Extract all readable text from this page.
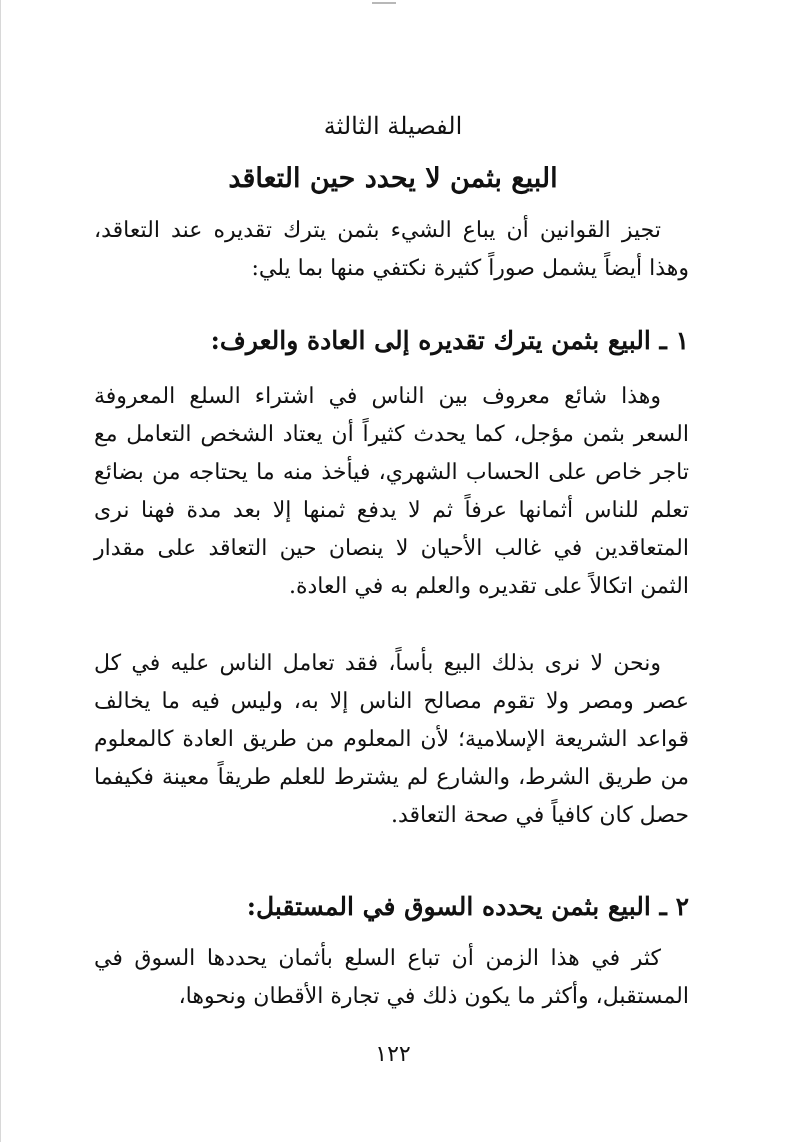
الفصيلة الثالثة
البيع بثمن لا يحدد حين التعاقد

تجيز القوانين أن يباع الشيء بثمن يترك تقديره عند التعاقد، وهذا أيضاً يشمل صوراً كثيرة نكتفي منها بما يلي:

١ ـ البيع بثمن يترك تقديره إلى العادة والعرف:

وهذا شائع معروف بين الناس في اشتراء السلع المعروفة السعر بثمن مؤجل، كما يحدث كثيراً أن يعتاد الشخص التعامل مع تاجر خاص على الحساب الشهري، فيأخذ منه ما يحتاجه من بضائع تعلم للناس أثمانها عرفاً ثم لا يدفع ثمنها إلا بعد مدة فهنا نرى المتعاقدين في غالب الأحيان لا ينصان حين التعاقد على مقدار الثمن اتكالاً على تقديره والعلم به في العادة.

ونحن لا نرى بذلك البيع بأساً، فقد تعامل الناس عليه في كل عصر ومصر ولا تقوم مصالح الناس إلا به، وليس فيه ما يخالف قواعد الشريعة الإسلامية؛ لأن المعلوم من طريق العادة كالمعلوم من طريق الشرط، والشارع لم يشترط للعلم طريقاً معينة فكيفما حصل كان كافياً في صحة التعاقد.

٢ ـ البيع بثمن يحدده السوق في المستقبل:

كثر في هذا الزمن أن تباع السلع بأثمان يحددها السوق في المستقبل، وأكثر ما يكون ذلك في تجارة الأقطان ونحوها،

١٢٢
